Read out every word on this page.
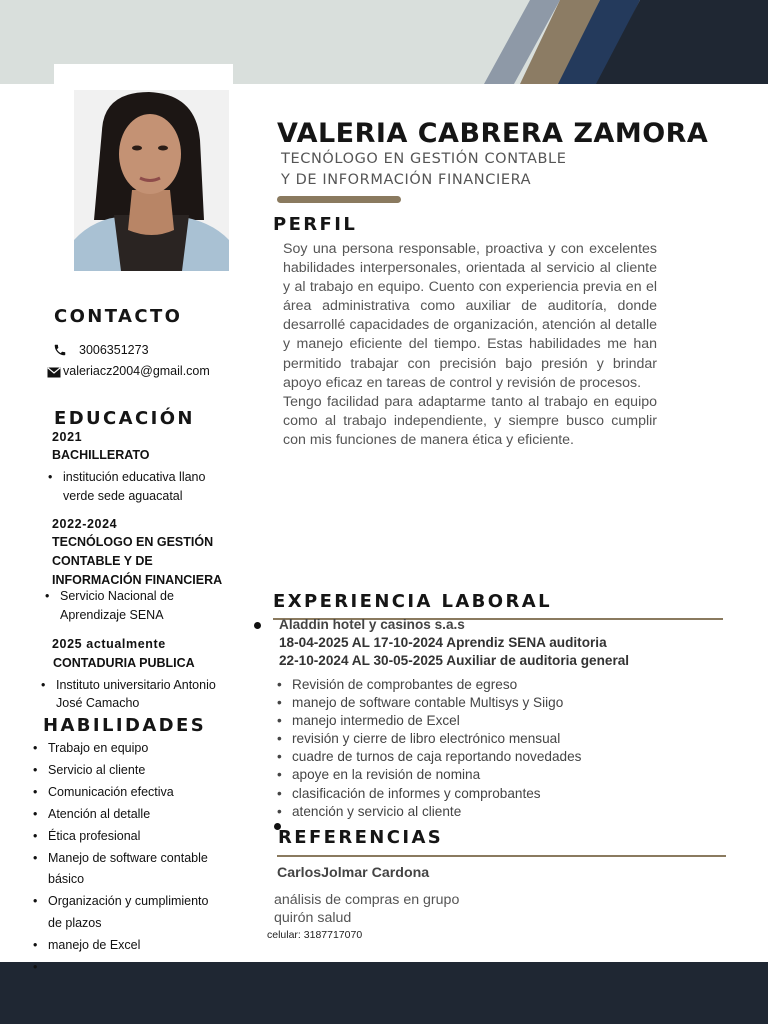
VALERIA CABRERA ZAMORA
TECNÓLOGO EN GESTIÓN CONTABLE
Y DE INFORMACIÓN FINANCIERA
PERFIL

Soy una persona responsable, proactiva y con excelentes habilidades interpersonales, orientada al servicio al cliente y al trabajo en equipo. Cuento con experiencia previa en el área administrativa como auxiliar de auditoría, donde desarrollé capacidades de organización, atención al detalle y manejo eficiente del tiempo. Estas habilidades me han permitido trabajar con precisión bajo presión y brindar apoyo eficaz en tareas de control y revisión de procesos.

Tengo facilidad para adaptarme tanto al trabajo en equipo como al trabajo independiente, y siempre busco cumplir con mis funciones de manera ética y eficiente.

CONTACTO
3006351273
valeriacz2004@gmail.com
EDUCACIÓN
2021
BACHILLERATO
• institución educativa llano
verde sede aguacatal
2022-2024
TECNÓLOGO EN GESTIÓN
CONTABLE Y DE
INFORMACIÓN FINANCIERA
• Servicio Nacional de
Aprendizaje SENA
2025 actualmente
CONTADURIA PUBLICA
• Instituto universitario Antonio
José Camacho
HABILIDADES
• Trabajo en equipo
• Servicio al cliente
• Comunicación efectiva
• Atención al detalle
• Ética profesional
• Manejo de software contable
básico
• Organización y cumplimiento
de plazos
• manejo de Excel
•
EXPERIENCIA LABORAL
Aladdin hotel y casinos s.a.s
18-04-2025 AL 17-10-2024 Aprendiz SENA auditoria
22-10-2024 AL 30-05-2025 Auxiliar de auditoria general
• Revisión de comprobantes de egreso
• manejo de software contable Multisys y Siigo
• manejo intermedio de Excel
• revisión y cierre de libro electrónico mensual
• cuadre de turnos de caja reportando novedades
• apoye en la revisión de nomina
• clasificación de informes y comprobantes
• atención y servicio al cliente
REFERENCIAS
CarlosJolmar Cardona
análisis de compras en grupo
quirón salud
celular: 3187717070
